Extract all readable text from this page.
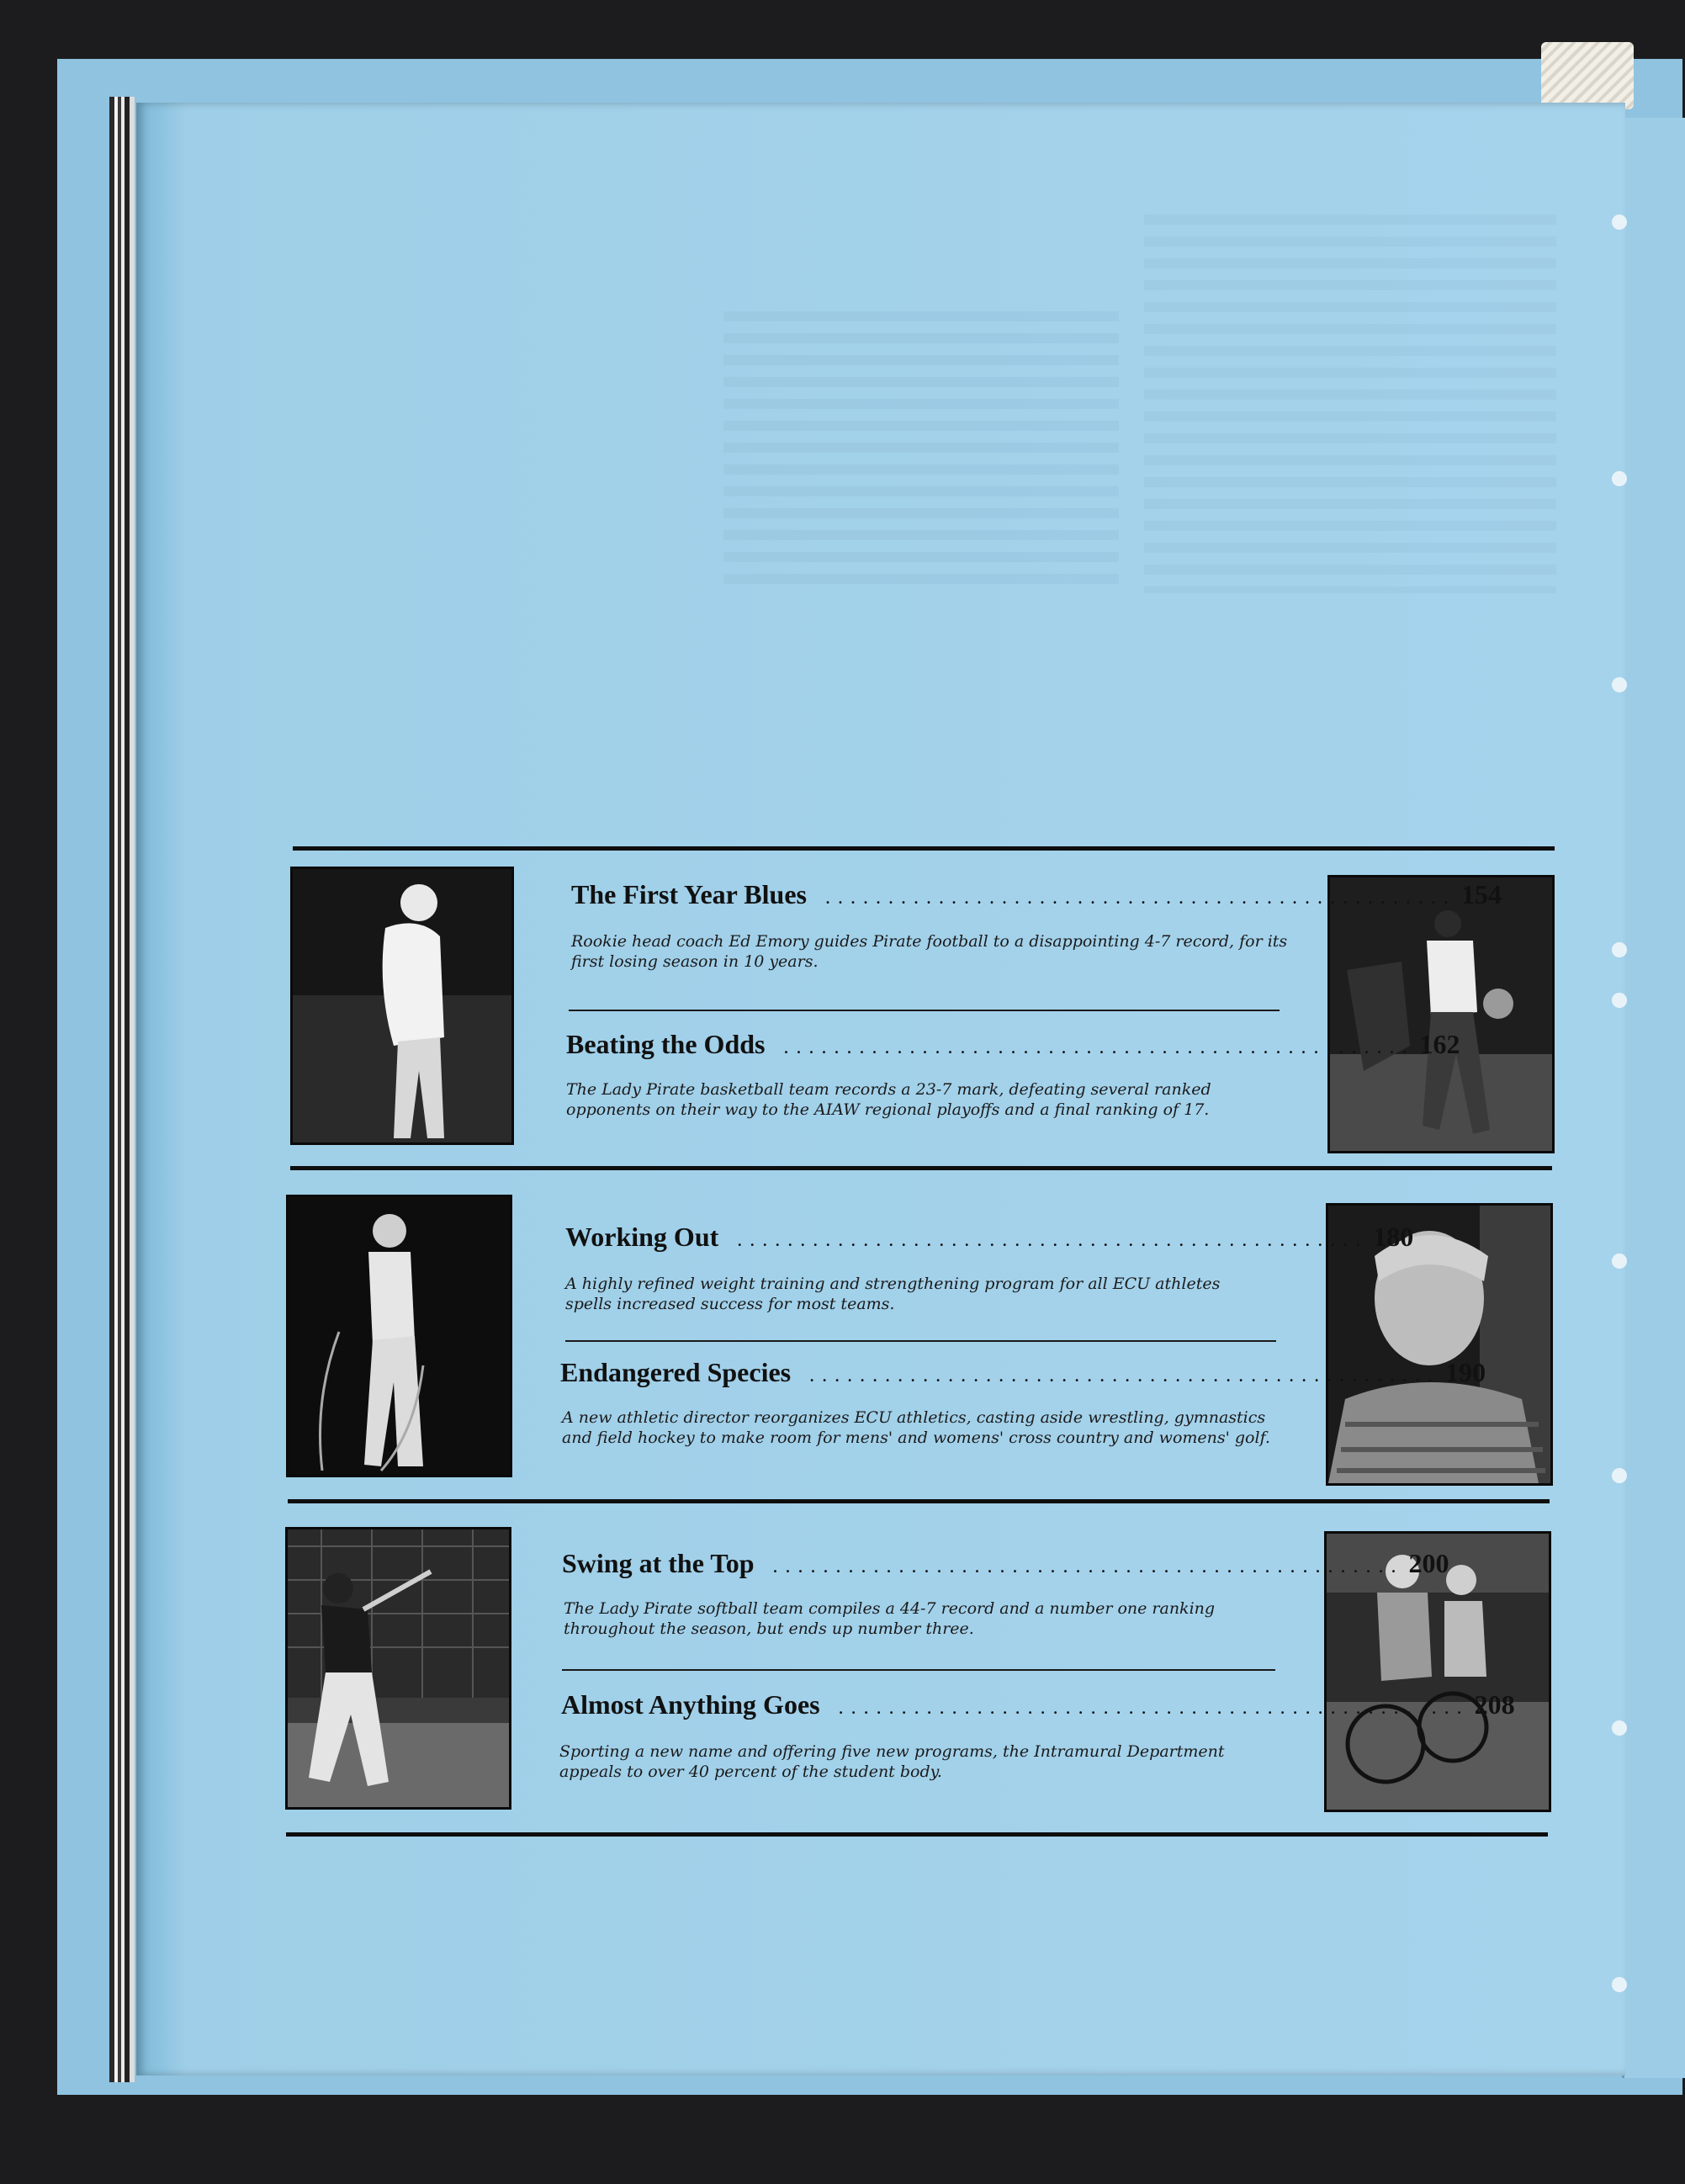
The First Year Blues .................................................. 154
Rookie head coach Ed Emory guides Pirate football to a disappointing 4-7 record, for its first losing season in 10 years.
Beating the Odds .................................................. 162
The Lady Pirate basketball team records a 23-7 mark, defeating several ranked opponents on their way to the AIAW regional playoffs and a final ranking of 17.
Working Out .................................................. 180
A highly refined weight training and strengthening program for all ECU athletes spells increased success for most teams.
Endangered Species .................................................. 190
A new athletic director reorganizes ECU athletics, casting aside wrestling, gymnastics and field hockey to make room for mens' and womens' cross country and womens' golf.
Swing at the Top .................................................. 200
The Lady Pirate softball team compiles a 44-7 record and a number one ranking throughout the season, but ends up number three.
Almost Anything Goes .................................................. 208
Sporting a new name and offering five new programs, the Intramural Department appeals to over 40 percent of the student body.
